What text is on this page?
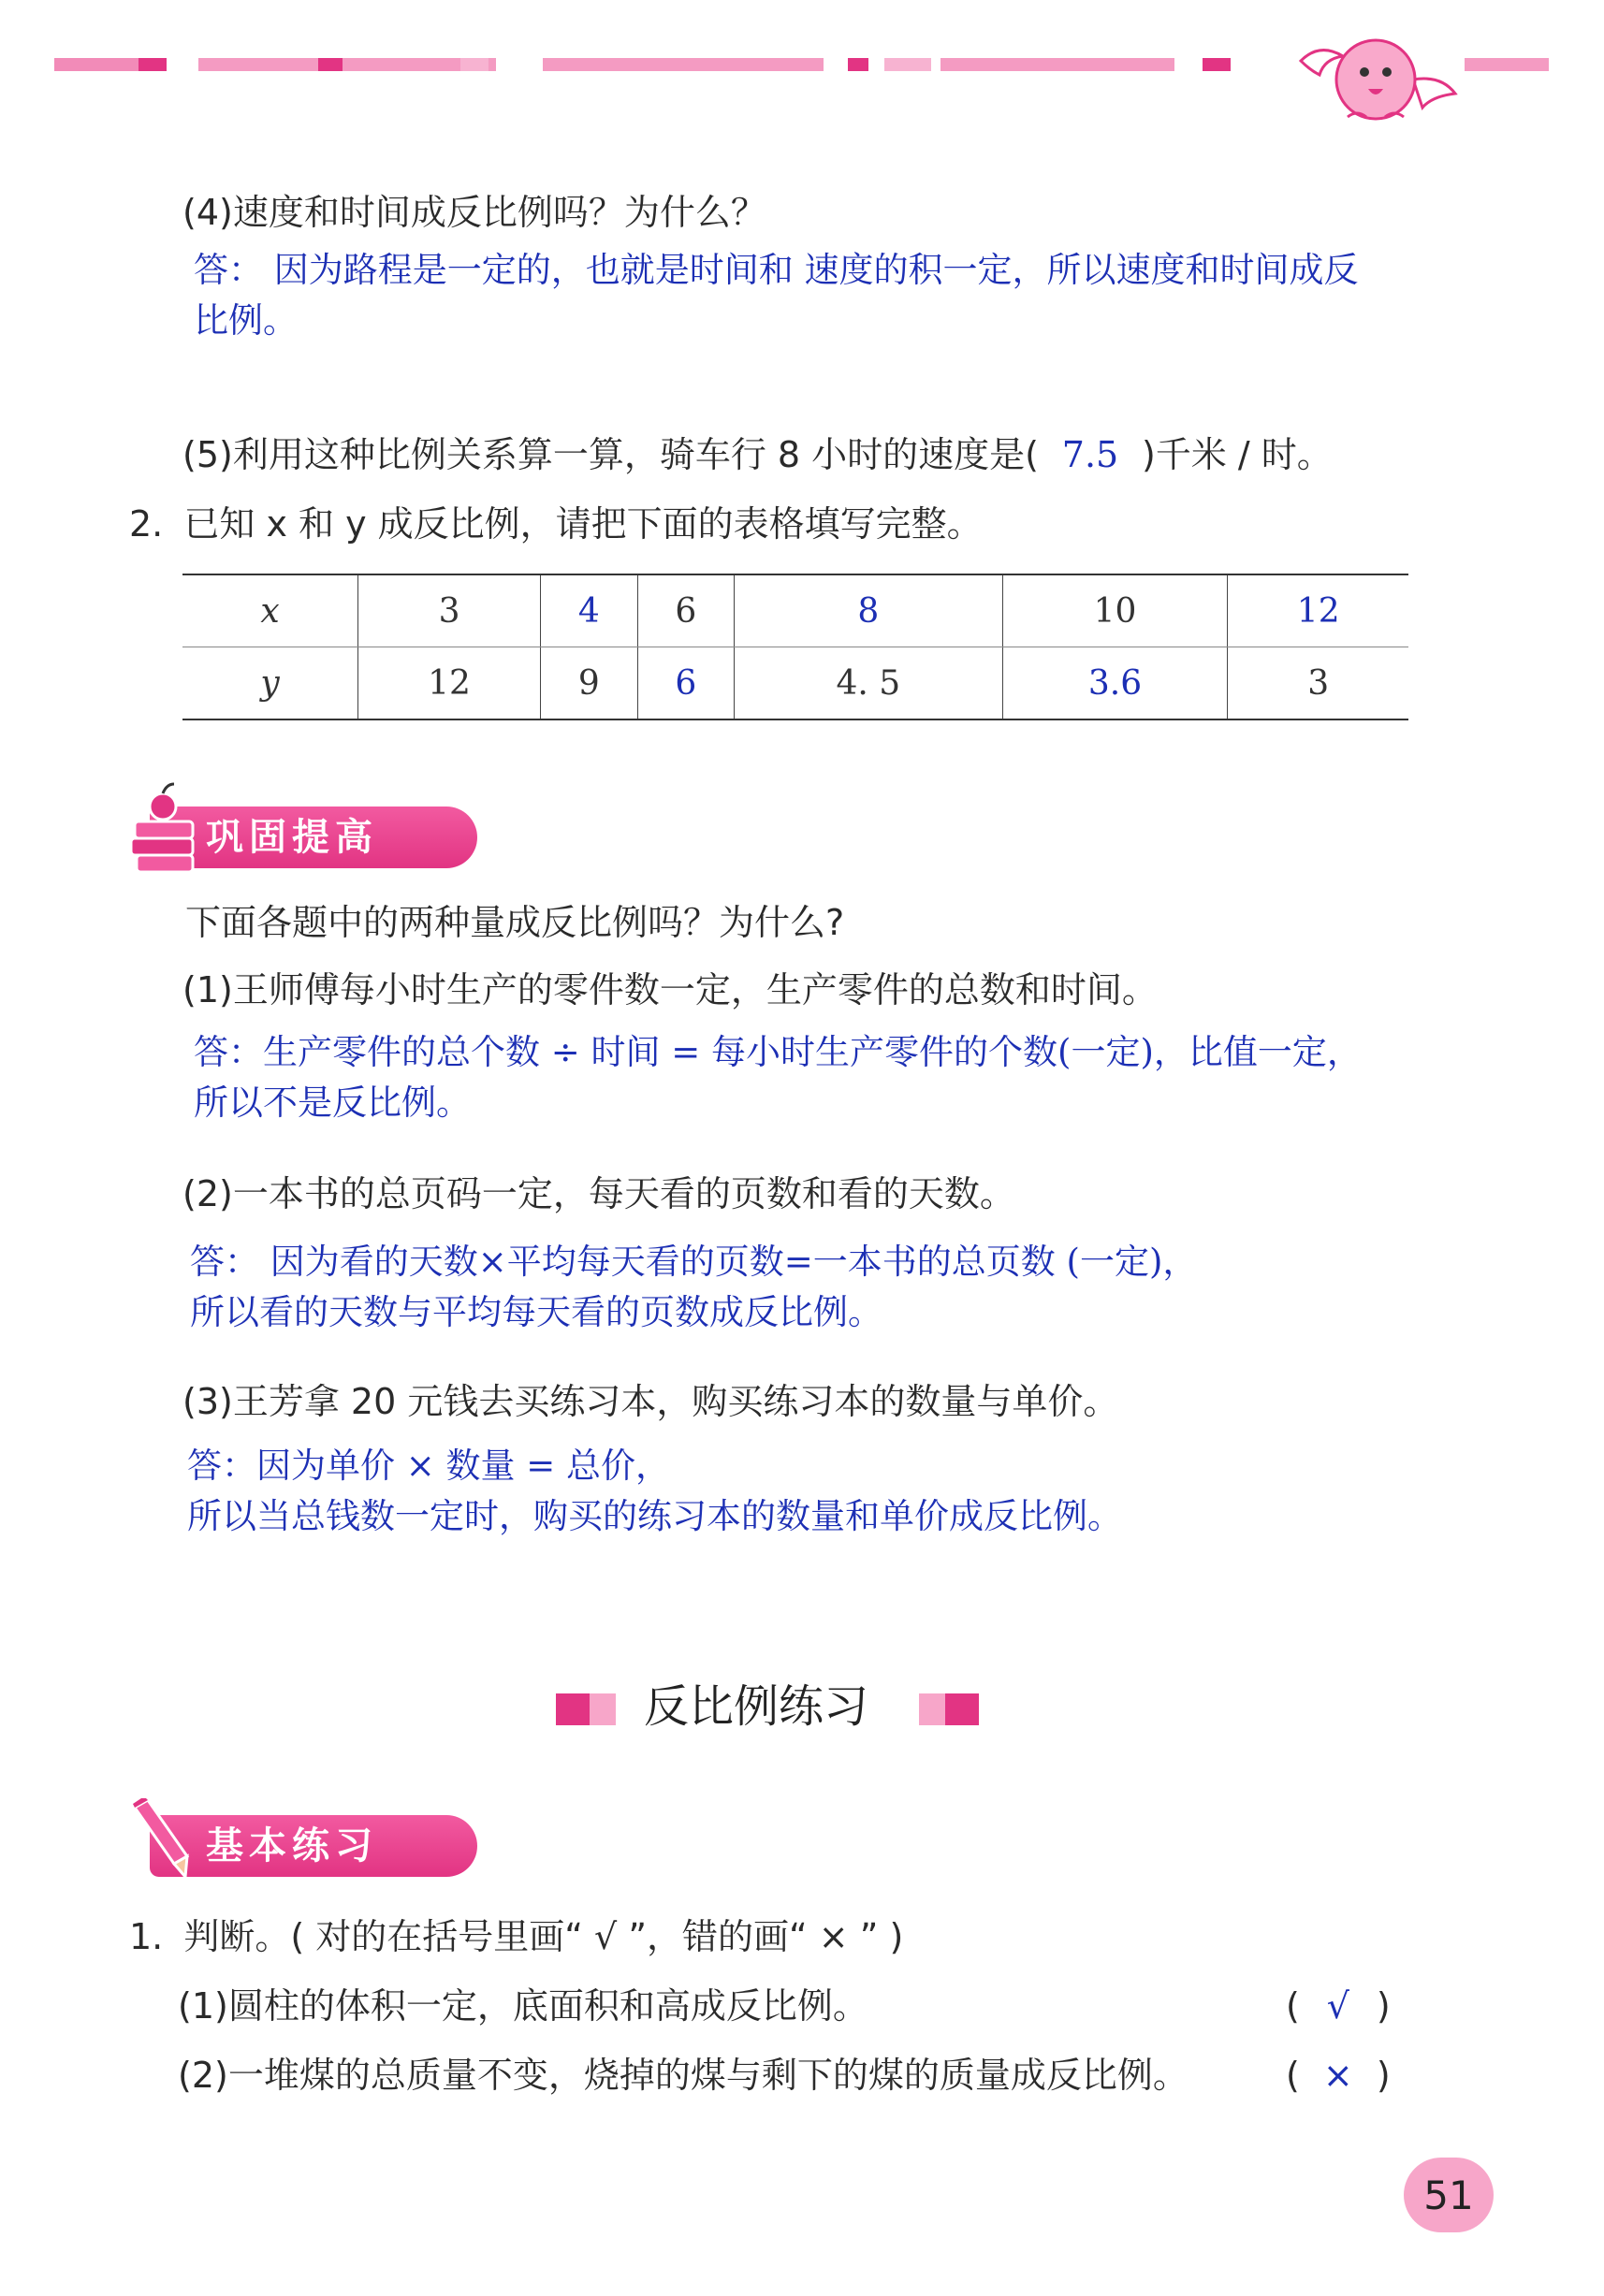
(4)速度和时间成反比例吗？为什么？
答： 因为路程是一定的，也就是时间和 速度的积一定，所以速度和时间成反
比例。
(5)利用这种比例关系算一算，骑车行 8 小时的速度是( 7.5 )千米 / 时。
2. 已知 x 和 y 成反比例，请把下面的表格填写完整。
x	3	4	6	8	10	12
y	12	9	6	4. 5	3.6	3
巩固提高
下面各题中的两种量成反比例吗？为什么?
(1)王师傅每小时生产的零件数一定，生产零件的总数和时间。
答：生产零件的总个数 ÷ 时间 = 每小时生产零件的个数(一定)，比值一定，
所以不是反比例。
(2)一本书的总页码一定，每天看的页数和看的天数。
答： 因为看的天数×平均每天看的页数=一本书的总页数 (一定)，
所以看的天数与平均每天看的页数成反比例。
(3)王芳拿 20 元钱去买练习本，购买练习本的数量与单价。
答：因为单价 × 数量 = 总价，
所以当总钱数一定时，购买的练习本的数量和单价成反比例。
反比例练习
基本练习
1. 判断。( 对的在括号里画“ √ ”，错的画“ × ” )
(1)圆柱的体积一定，底面积和高成反比例。	( √ )
(2)一堆煤的总质量不变，烧掉的煤与剩下的煤的质量成反比例。	( × )
51
